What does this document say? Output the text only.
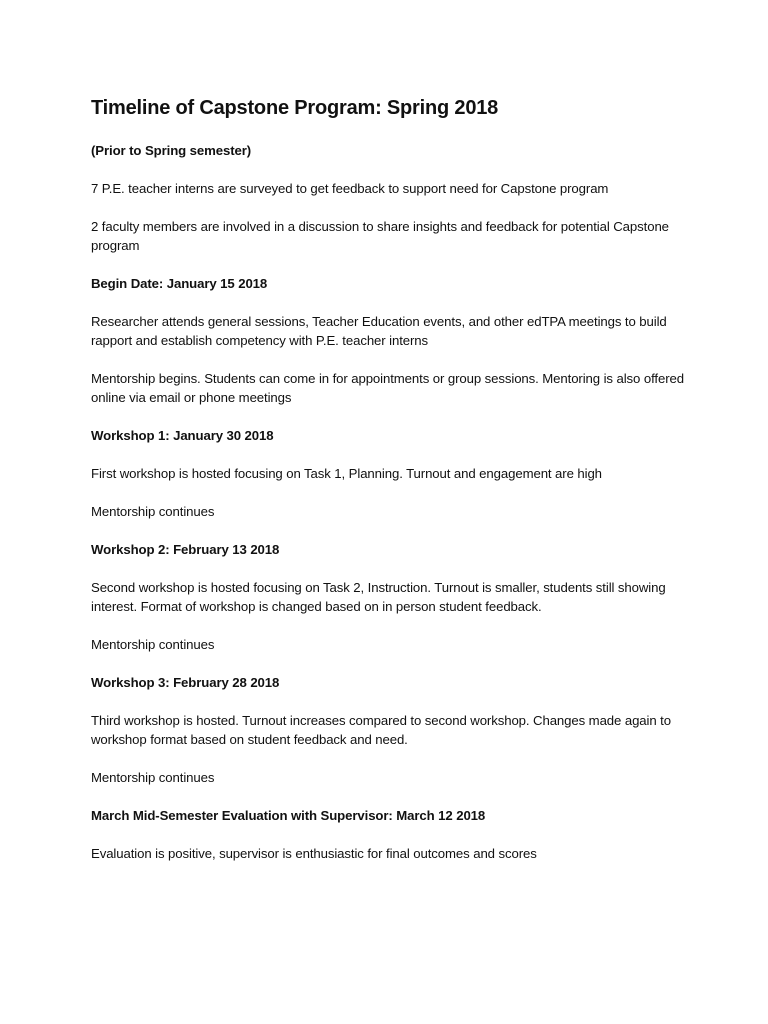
Timeline of Capstone Program: Spring 2018

(Prior to Spring semester)

7 P.E. teacher interns are surveyed to get feedback to support need for Capstone program

2 faculty members are involved in a discussion to share insights and feedback for potential Capstone program

Begin Date: January 15 2018

Researcher attends general sessions, Teacher Education events, and other edTPA meetings to build rapport and establish competency with P.E. teacher interns

Mentorship begins. Students can come in for appointments or group sessions. Mentoring is also offered online via email or phone meetings

Workshop 1: January 30 2018

First workshop is hosted focusing on Task 1, Planning. Turnout and engagement are high

Mentorship continues

Workshop 2: February 13 2018

Second workshop is hosted focusing on Task 2, Instruction. Turnout is smaller, students still showing interest. Format of workshop is changed based on in person student feedback.

Mentorship continues

Workshop 3: February 28 2018

Third workshop is hosted. Turnout increases compared to second workshop. Changes made again to workshop format based on student feedback and need.

Mentorship continues

March Mid-Semester Evaluation with Supervisor: March 12 2018

Evaluation is positive, supervisor is enthusiastic for final outcomes and scores
